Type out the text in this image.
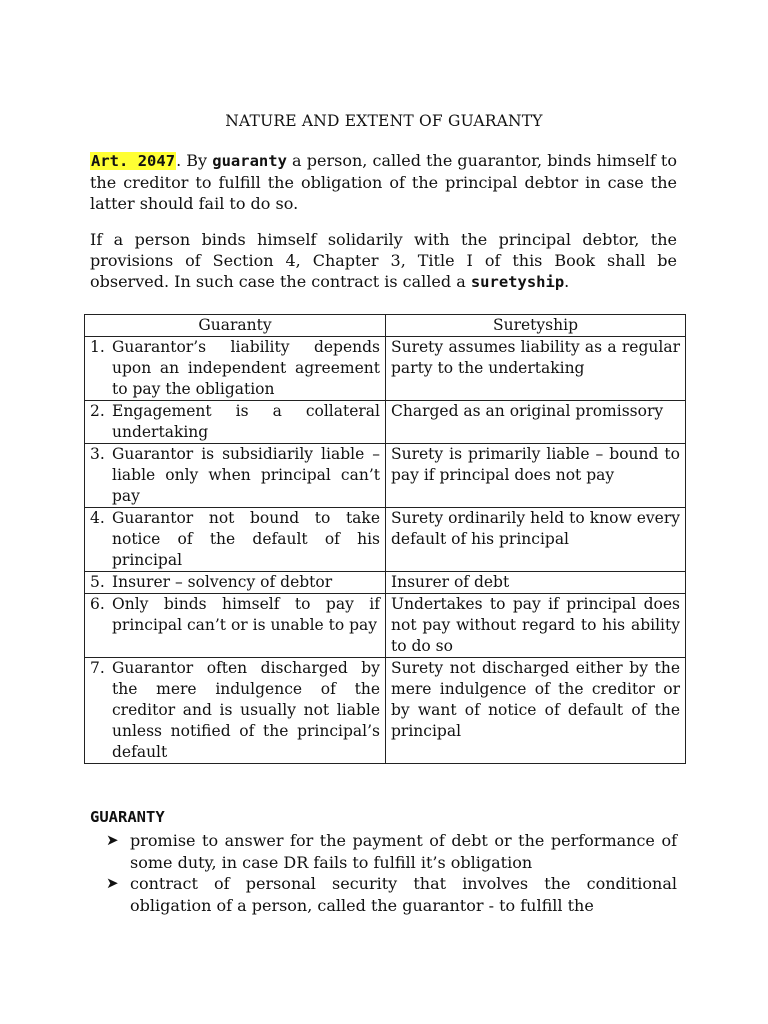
NATURE AND EXTENT OF GUARANTY

Art. 2047. By guaranty a person, called the guarantor, binds himself to the creditor to fulfill the obligation of the principal debtor in case the latter should fail to do so.

If a person binds himself solidarily with the principal debtor, the provisions of Section 4, Chapter 3, Title I of this Book shall be observed. In such case the contract is called a suretyship.

Guaranty	Suretyship

1. Guarantor’s liability depends upon an independent agreement to pay the obligation	Surety assumes liability as a regular party to the undertaking

2. Engagement is a collateral undertaking	Charged as an original promissory

3. Guarantor is subsidiarily liable – liable only when principal can’t pay	Surety is primarily liable – bound to pay if principal does not pay

4. Guarantor not bound to take notice of the default of his principal	Surety ordinarily held to know every default of his principal

5. Insurer – solvency of debtor	Insurer of debt

6. Only binds himself to pay if principal can’t or is unable to pay	Undertakes to pay if principal does not pay without regard to his ability to do so

7. Guarantor often discharged by the mere indulgence of the creditor and is usually not liable unless notified of the principal’s default	Surety not discharged either by the mere indulgence of the creditor or by want of notice of default of the principal
GUARANTY
➤ promise to answer for the payment of debt or the performance of some duty, in case DR fails to fulfill it’s obligation
➤ contract of personal security that involves the conditional obligation of a person, called the guarantor - to fulfill the
